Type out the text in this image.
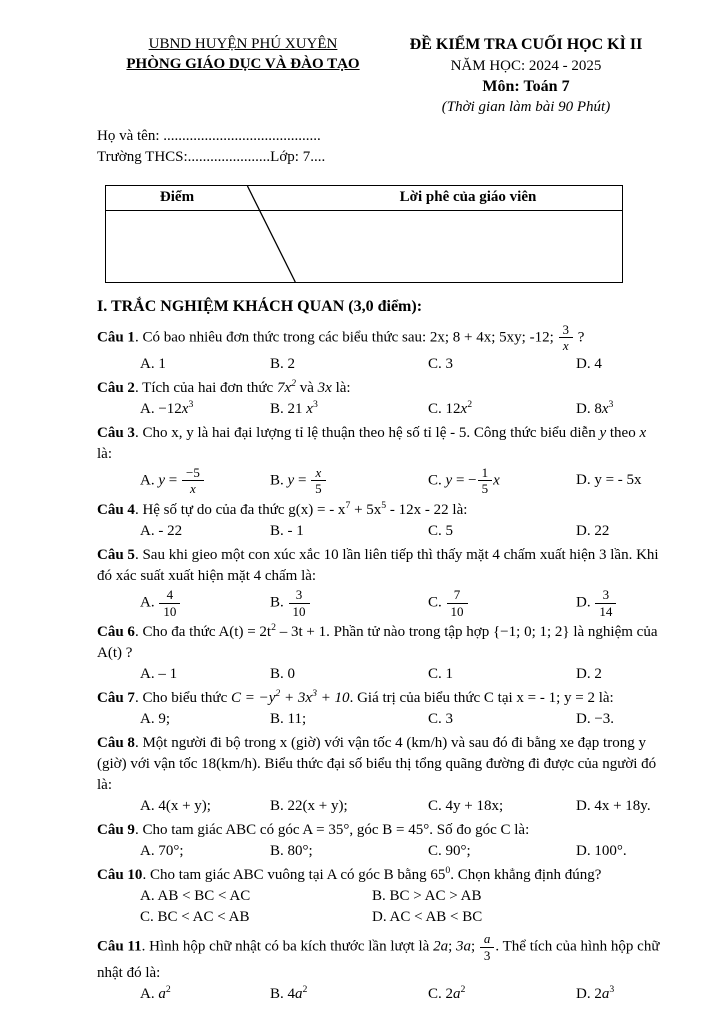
UBND HUYỆN PHÚ XUYÊN
PHÒNG GIÁO DỤC VÀ ĐÀO TẠO
ĐỀ KIỂM TRA CUỐI HỌC KÌ II
NĂM HỌC: 2024 - 2025
Môn: Toán 7
(Thời gian làm bài 90 Phút)
Họ và tên: ..........................................
Trường THCS:......................Lớp: 7....
Điểm	Lời phê của giáo viên
I. TRẮC NGHIỆM KHÁCH QUAN (3,0 điểm):
Câu 1. Có bao nhiêu đơn thức trong các biểu thức sau: 2x; 8 + 4x; 5xy; -12; $\frac{3}{x}$ ?
A. 1	B. 2	C. 3	D. 4
Câu 2. Tích của hai đơn thức $7x^2$ và 3x là:
A. $-12x^3$	B. 21 $x^3$	C. $12x^2$	D. $8x^3$
Câu 3. Cho x, y là hai đại lượng tỉ lệ thuận theo hệ số tỉ lệ - 5. Công thức biểu diễn y theo x là:
A. $y = \frac{-5}{x}$	B. $y = \frac{x}{5}$	C. y = − $\frac{1}{5}$ x	D. y = - 5x
Câu 4. Hệ số tự do của đa thức g(x) = - $x^7 + 5x^5 - 12x - 22$ là:
A. - 22	B. - 1	C. 5	D. 22
Câu 5. Sau khi gieo một con xúc xắc 10 lần liên tiếp thì thấy mặt 4 chấm xuất hiện 3 lần. Khi đó xác suất xuất hiện mặt 4 chấm là:
A. $\frac{4}{10}$	B. $\frac{3}{10}$	C. $\frac{7}{10}$	D. $\frac{3}{14}$
Câu 6. Cho đa thức $A(t) = 2t^2 - 3t + 1$. Phần tử nào trong tập hợp {−1; 0; 1; 2} là nghiệm của A(t) ?
A. – 1	B. 0	C. 1	D. 2
Câu 7. Cho biểu thức $C = -y^2 + 3x^3 + 10$. Giá trị của biểu thức C tại x = - 1; y = 2 là:
A. 9;	B. 11;	C. 3	D. −3.
Câu 8. Một người đi bộ trong x (giờ) với vận tốc 4 (km/h) và sau đó đi bằng xe đạp trong y (giờ) với vận tốc 18(km/h). Biểu thức đại số biểu thị tổng quãng đường đi được của người đó là:
A. 4(x + y);	B. 22(x + y);	C. 4y + 18x;	D. 4x + 18y.
Câu 9. Cho tam giác ABC có góc A = 35°, góc B = 45°. Số đo góc C là:
A. 70°;	B. 80°;	C. 90°;	D. 100°.
Câu 10. Cho tam giác ABC vuông tại A có góc B bằng $65^0$. Chọn khẳng định đúng?
A. AB < BC < AC	B. BC > AC > AB
C. BC < AC < AB	D. AC < AB < BC
Câu 11. Hình hộp chữ nhật có ba kích thước lần lượt là 2a; 3a; $\frac{a}{3}$ . Thể tích của hình hộp chữ nhật đó là:
A. $a^2$	B. $4a^2$	C. $2a^2$	D. $2a^3$
